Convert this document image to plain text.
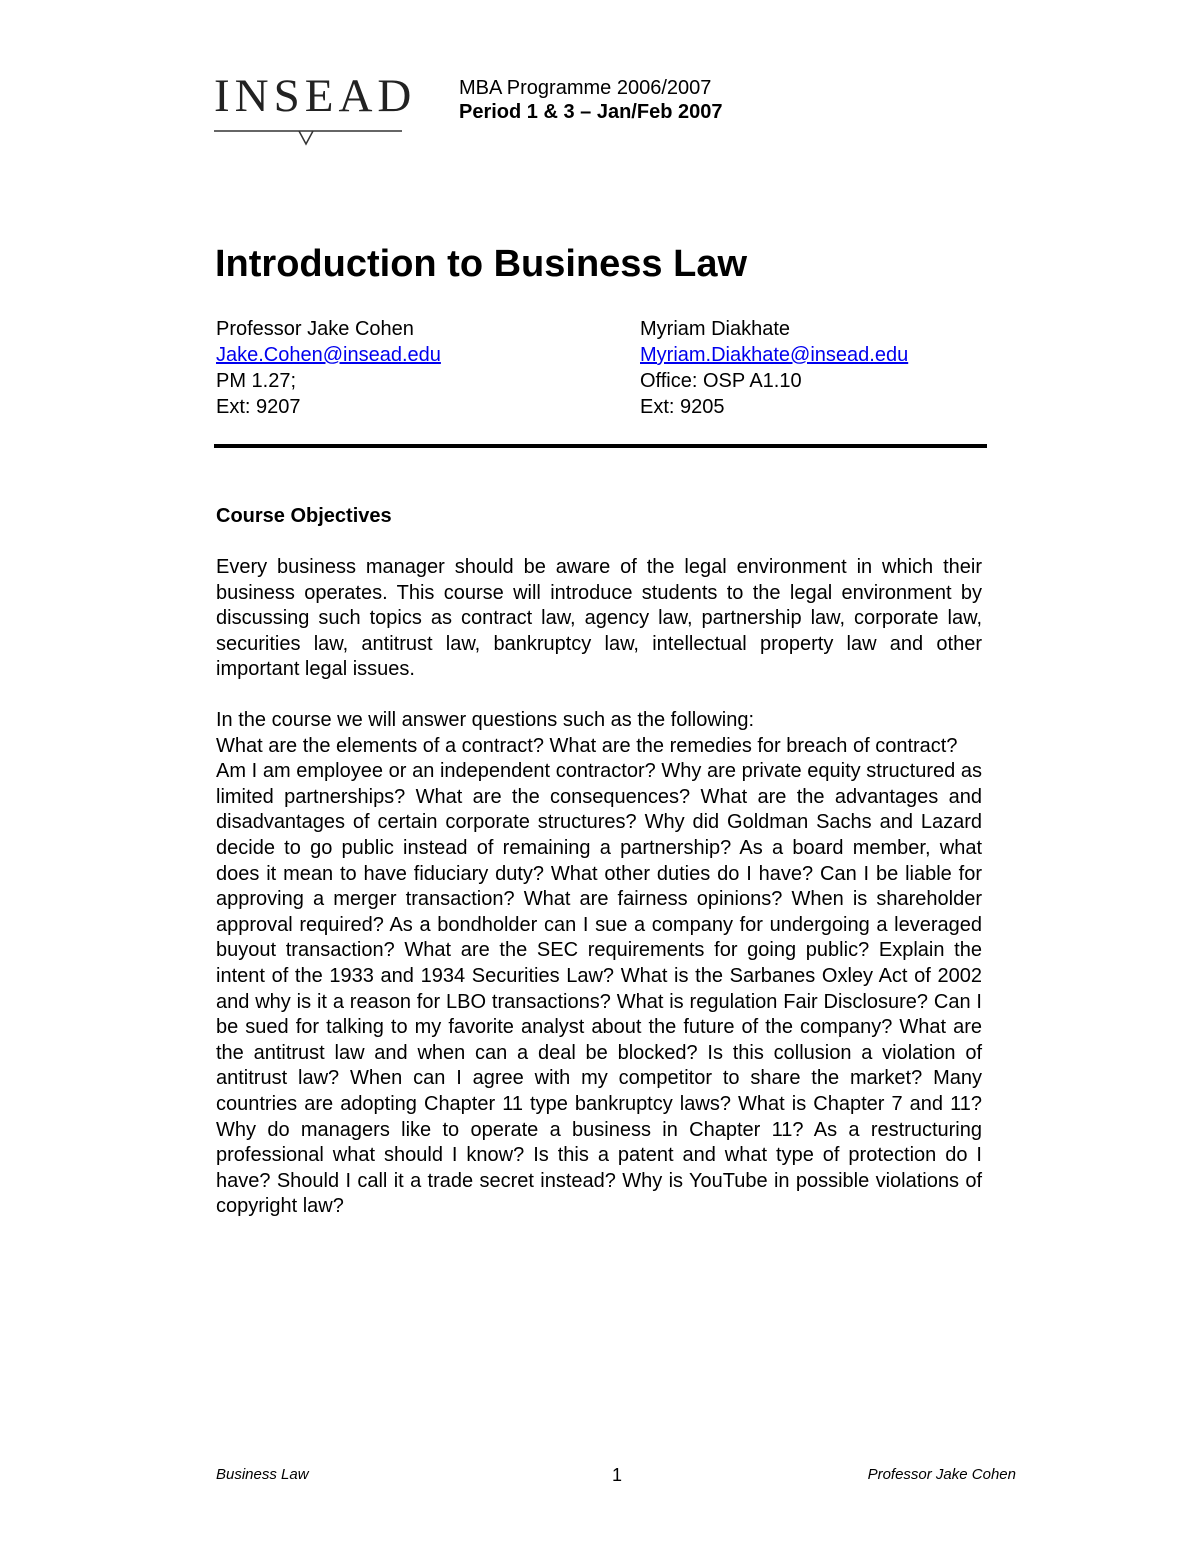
INSEAD MBA Programme 2006/2007
Period 1 & 3 – Jan/Feb 2007
Introduction to Business Law
Professor Jake Cohen
Jake.Cohen@insead.edu
PM 1.27;
Ext: 9207
Myriam Diakhate
Myriam.Diakhate@insead.edu
Office: OSP A1.10
Ext: 9205
Course Objectives

Every business manager should be aware of the legal environment in which their business operates. This course will introduce students to the legal environment by discussing such topics as contract law, agency law, partnership law, corporate law, securities law, antitrust law, bankruptcy law, intellectual property law and other important legal issues.

In the course we will answer questions such as the following:

What are the elements of a contract? What are the remedies for breach of contract?

Am I am employee or an independent contractor? Why are private equity structured as limited partnerships? What are the consequences? What are the advantages and disadvantages of certain corporate structures? Why did Goldman Sachs and Lazard decide to go public instead of remaining a partnership? As a board member, what does it mean to have fiduciary duty? What other duties do I have? Can I be liable for approving a merger transaction? What are fairness opinions? When is shareholder approval required? As a bondholder can I sue a company for undergoing a leveraged buyout transaction? What are the SEC requirements for going public? Explain the intent of the 1933 and 1934 Securities Law? What is the Sarbanes Oxley Act of 2002 and why is it a reason for LBO transactions? What is regulation Fair Disclosure? Can I be sued for talking to my favorite analyst about the future of the company? What are the antitrust law and when can a deal be blocked? Is this collusion a violation of antitrust law? When can I agree with my competitor to share the market? Many countries are adopting Chapter 11 type bankruptcy laws? What is Chapter 7 and 11? Why do managers like to operate a business in Chapter 11? As a restructuring professional what should I know? Is this a patent and what type of protection do I have? Should I call it a trade secret instead? Why is YouTube in possible violations of copyright law?

Business Law	1	Professor Jake Cohen
